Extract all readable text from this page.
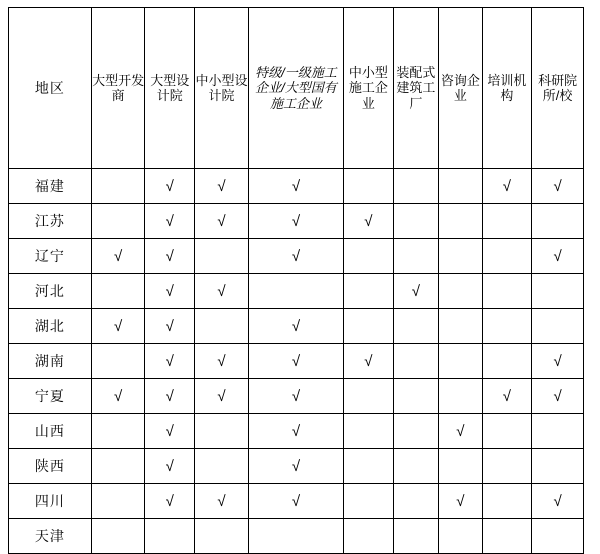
地区	大型开发商	大型设计院	中小型设计院	特级/一级施工企业/大型国有施工企业	中小型施工企业	装配式建筑工厂	咨询企业	培训机构	科研院所/校
福建		√	√	√				√	√
江苏		√	√	√	√				
辽宁	√	√		√					√
河北		√	√			√			
湖北	√	√		√					
湖南		√	√	√	√				√
宁夏	√	√	√	√				√	√
山西		√		√			√		
陕西		√		√					
四川		√	√	√			√		√
天津									
